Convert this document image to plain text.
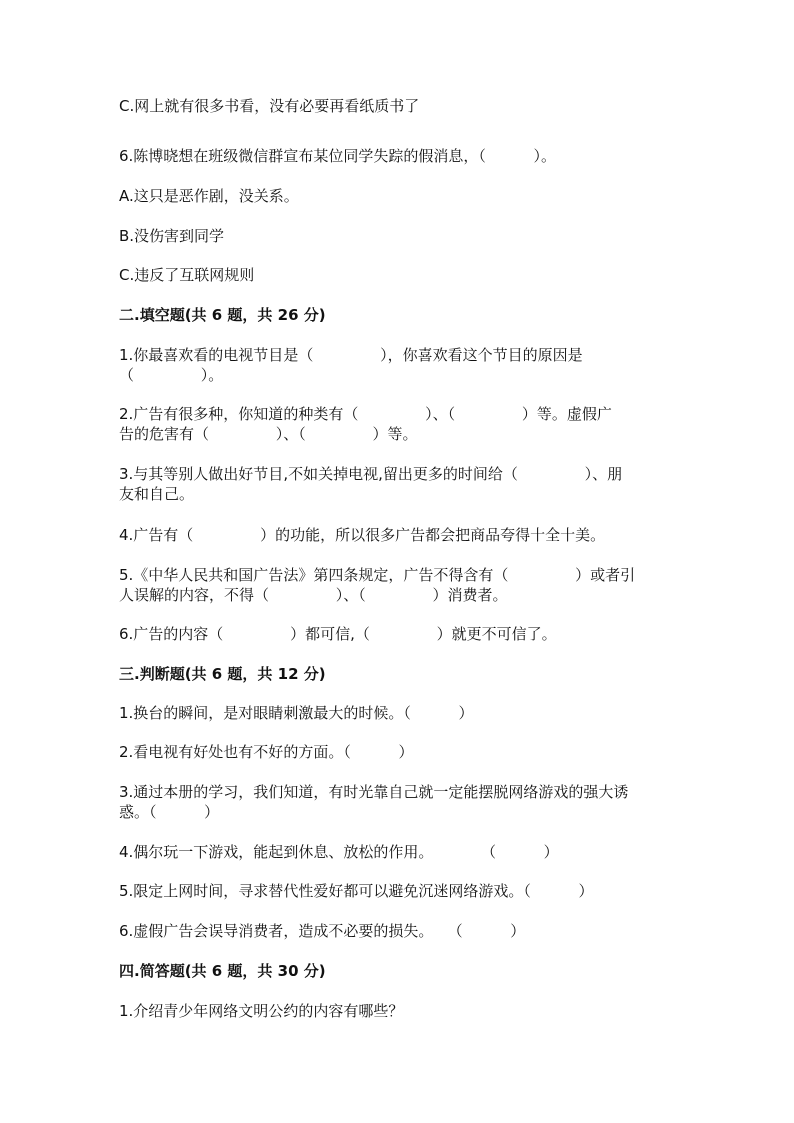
C.网上就有很多书看，没有必要再看纸质书了
6.陈博晓想在班级微信群宣布某位同学失踪的假消息，（          ）。
A.这只是恶作剧，没关系。
B.没伤害到同学
C.违反了互联网规则
二.填空题(共 6 题，共 26 分)
1.你最喜欢看的电视节目是（              ），你喜欢看这个节目的原因是
（              ）。
2.广告有很多种，你知道的种类有（              ）、（              ）等。虚假广
告的危害有（              ）、（              ）等。
3.与其等别人做出好节目,不如关掉电视,留出更多的时间给（              ）、朋
友和自己。
4.广告有（              ）的功能，所以很多广告都会把商品夸得十全十美。
5.《中华人民共和国广告法》第四条规定，广告不得含有（              ）或者引
人误解的内容，不得（              ）、（              ）消费者。
6.广告的内容（              ）都可信,（              ）就更不可信了。
三.判断题(共 6 题，共 12 分)
1.换台的瞬间，是对眼睛刺激最大的时候。（          ）
2.看电视有好处也有不好的方面。（          ）
3.通过本册的学习，我们知道，有时光靠自己就一定能摆脱网络游戏的强大诱
惑。（          ）
4.偶尔玩一下游戏，能起到休息、放松的作用。          （          ）
5.限定上网时间，寻求替代性爱好都可以避免沉迷网络游戏。（          ）
6.虚假广告会误导消费者，造成不必要的损失。   （          ）
四.简答题(共 6 题，共 30 分)
1.介绍青少年网络文明公约的内容有哪些？
